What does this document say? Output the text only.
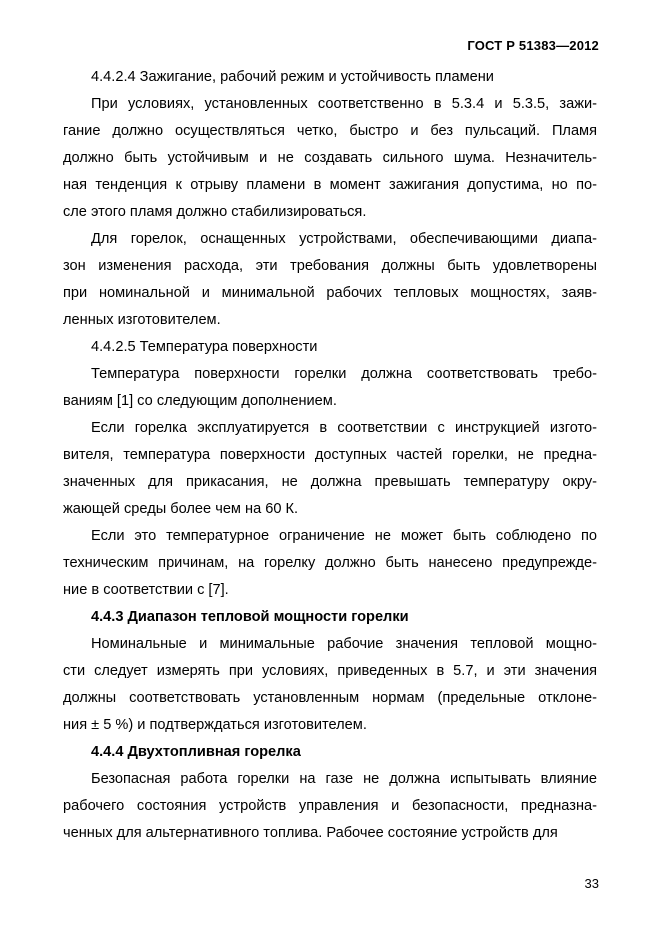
ГОСТ Р 51383—2012
4.4.2.4 Зажигание, рабочий режим и устойчивость пламени
При условиях, установленных соответственно в 5.3.4 и 5.3.5, зажи-
гание должно осуществляться четко, быстро и без пульсаций. Пламя
должно быть устойчивым и не создавать сильного шума. Незначитель-
ная тенденция к отрыву пламени в момент зажигания допустима, но по-
сле этого пламя должно стабилизироваться.
Для горелок, оснащенных устройствами, обеспечивающими диапа-
зон изменения расхода, эти требования должны быть удовлетворены
при номинальной и минимальной рабочих тепловых мощностях, заяв-
ленных изготовителем.
4.4.2.5 Температура поверхности
Температура поверхности горелки должна соответствовать требо-
ваниям [1] со следующим дополнением.
Если горелка эксплуатируется в соответствии с инструкцией изгото-
вителя, температура поверхности доступных частей горелки, не предна-
значенных для прикасания, не должна превышать температуру окру-
жающей среды более чем на 60 К.
Если это температурное ограничение не может быть соблюдено по
техническим причинам, на горелку должно быть нанесено предупрежде-
ние в соответствии с [7].
4.4.3 Диапазон тепловой мощности горелки
Номинальные и минимальные рабочие значения тепловой мощно-
сти следует измерять при условиях, приведенных в 5.7, и эти значения
должны соответствовать установленным нормам (предельные отклоне-
ния ± 5 %) и подтверждаться изготовителем.
4.4.4 Двухтопливная горелка
Безопасная работа горелки на газе не должна испытывать влияние
рабочего состояния устройств управления и безопасности, предназна-
ченных для альтернативного топлива. Рабочее состояние устройств для
33
